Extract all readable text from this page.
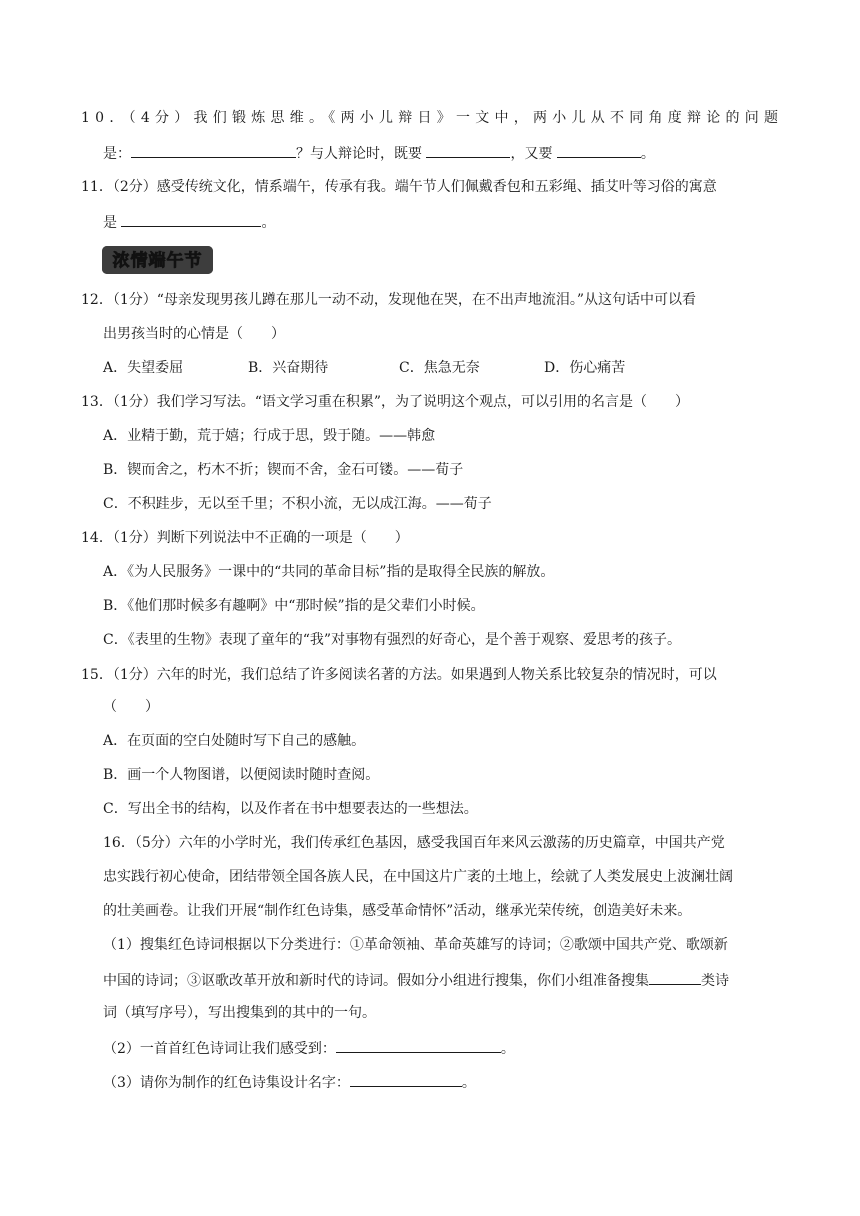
10．（4分）我们锻炼思维。《两小儿辩日》一文中，两小儿从不同角度辩论的问题
是：	？与人辩论时，既要	，又要	。
11．（2分）感受传统文化，情系端午，传承有我。端午节人们佩戴香包和五彩绳、插艾叶等习俗的寓意
是	。
浓情端午节
12．（1分）“母亲发现男孩儿蹲在那儿一动不动，发现他在哭，在不出声地流泪。”从这句话中可以看
出男孩当时的心情是（　　）
A．失望委屈	B．兴奋期待	C．焦急无奈	D．伤心痛苦
13．（1分）我们学习写法。“语文学习重在积累”，为了说明这个观点，可以引用的名言是（　　）
A．业精于勤，荒于嬉；行成于思，毁于随。——韩愈
B．锲而舍之，朽木不折；锲而不舍，金石可镂。——荀子
C．不积跬步，无以至千里；不积小流，无以成江海。——荀子
14．（1分）判断下列说法中不正确的一项是（　　）
A．《为人民服务》一课中的“共同的革命目标”指的是取得全民族的解放。
B．《他们那时候多有趣啊》中“那时候”指的是父辈们小时候。
C．《表里的生物》表现了童年的“我”对事物有强烈的好奇心，是个善于观察、爱思考的孩子。
15．（1分）六年的时光，我们总结了许多阅读名著的方法。如果遇到人物关系比较复杂的情况时，可以
（　　）
A．在页面的空白处随时写下自己的感触。
B．画一个人物图谱，以便阅读时随时查阅。
C．写出全书的结构，以及作者在书中想要表达的一些想法。
16．（5分）六年的小学时光，我们传承红色基因，感受我国百年来风云激荡的历史篇章，中国共产党
忠实践行初心使命，团结带领全国各族人民，在中国这片广袤的土地上，绘就了人类发展史上波澜壮阔
的壮美画卷。让我们开展“制作红色诗集，感受革命情怀”活动，继承光荣传统，创造美好未来。
（1）搜集红色诗词根据以下分类进行：①革命领袖、革命英雄写的诗词；②歌颂中国共产党、歌颂新
中国的诗词；③讴歌改革开放和新时代的诗词。假如分小组进行搜集，你们小组准备搜集	类诗
词（填写序号），写出搜集到的其中的一句。
（2）一首首红色诗词让我们感受到：	。
（3）请你为制作的红色诗集设计名字：	。
